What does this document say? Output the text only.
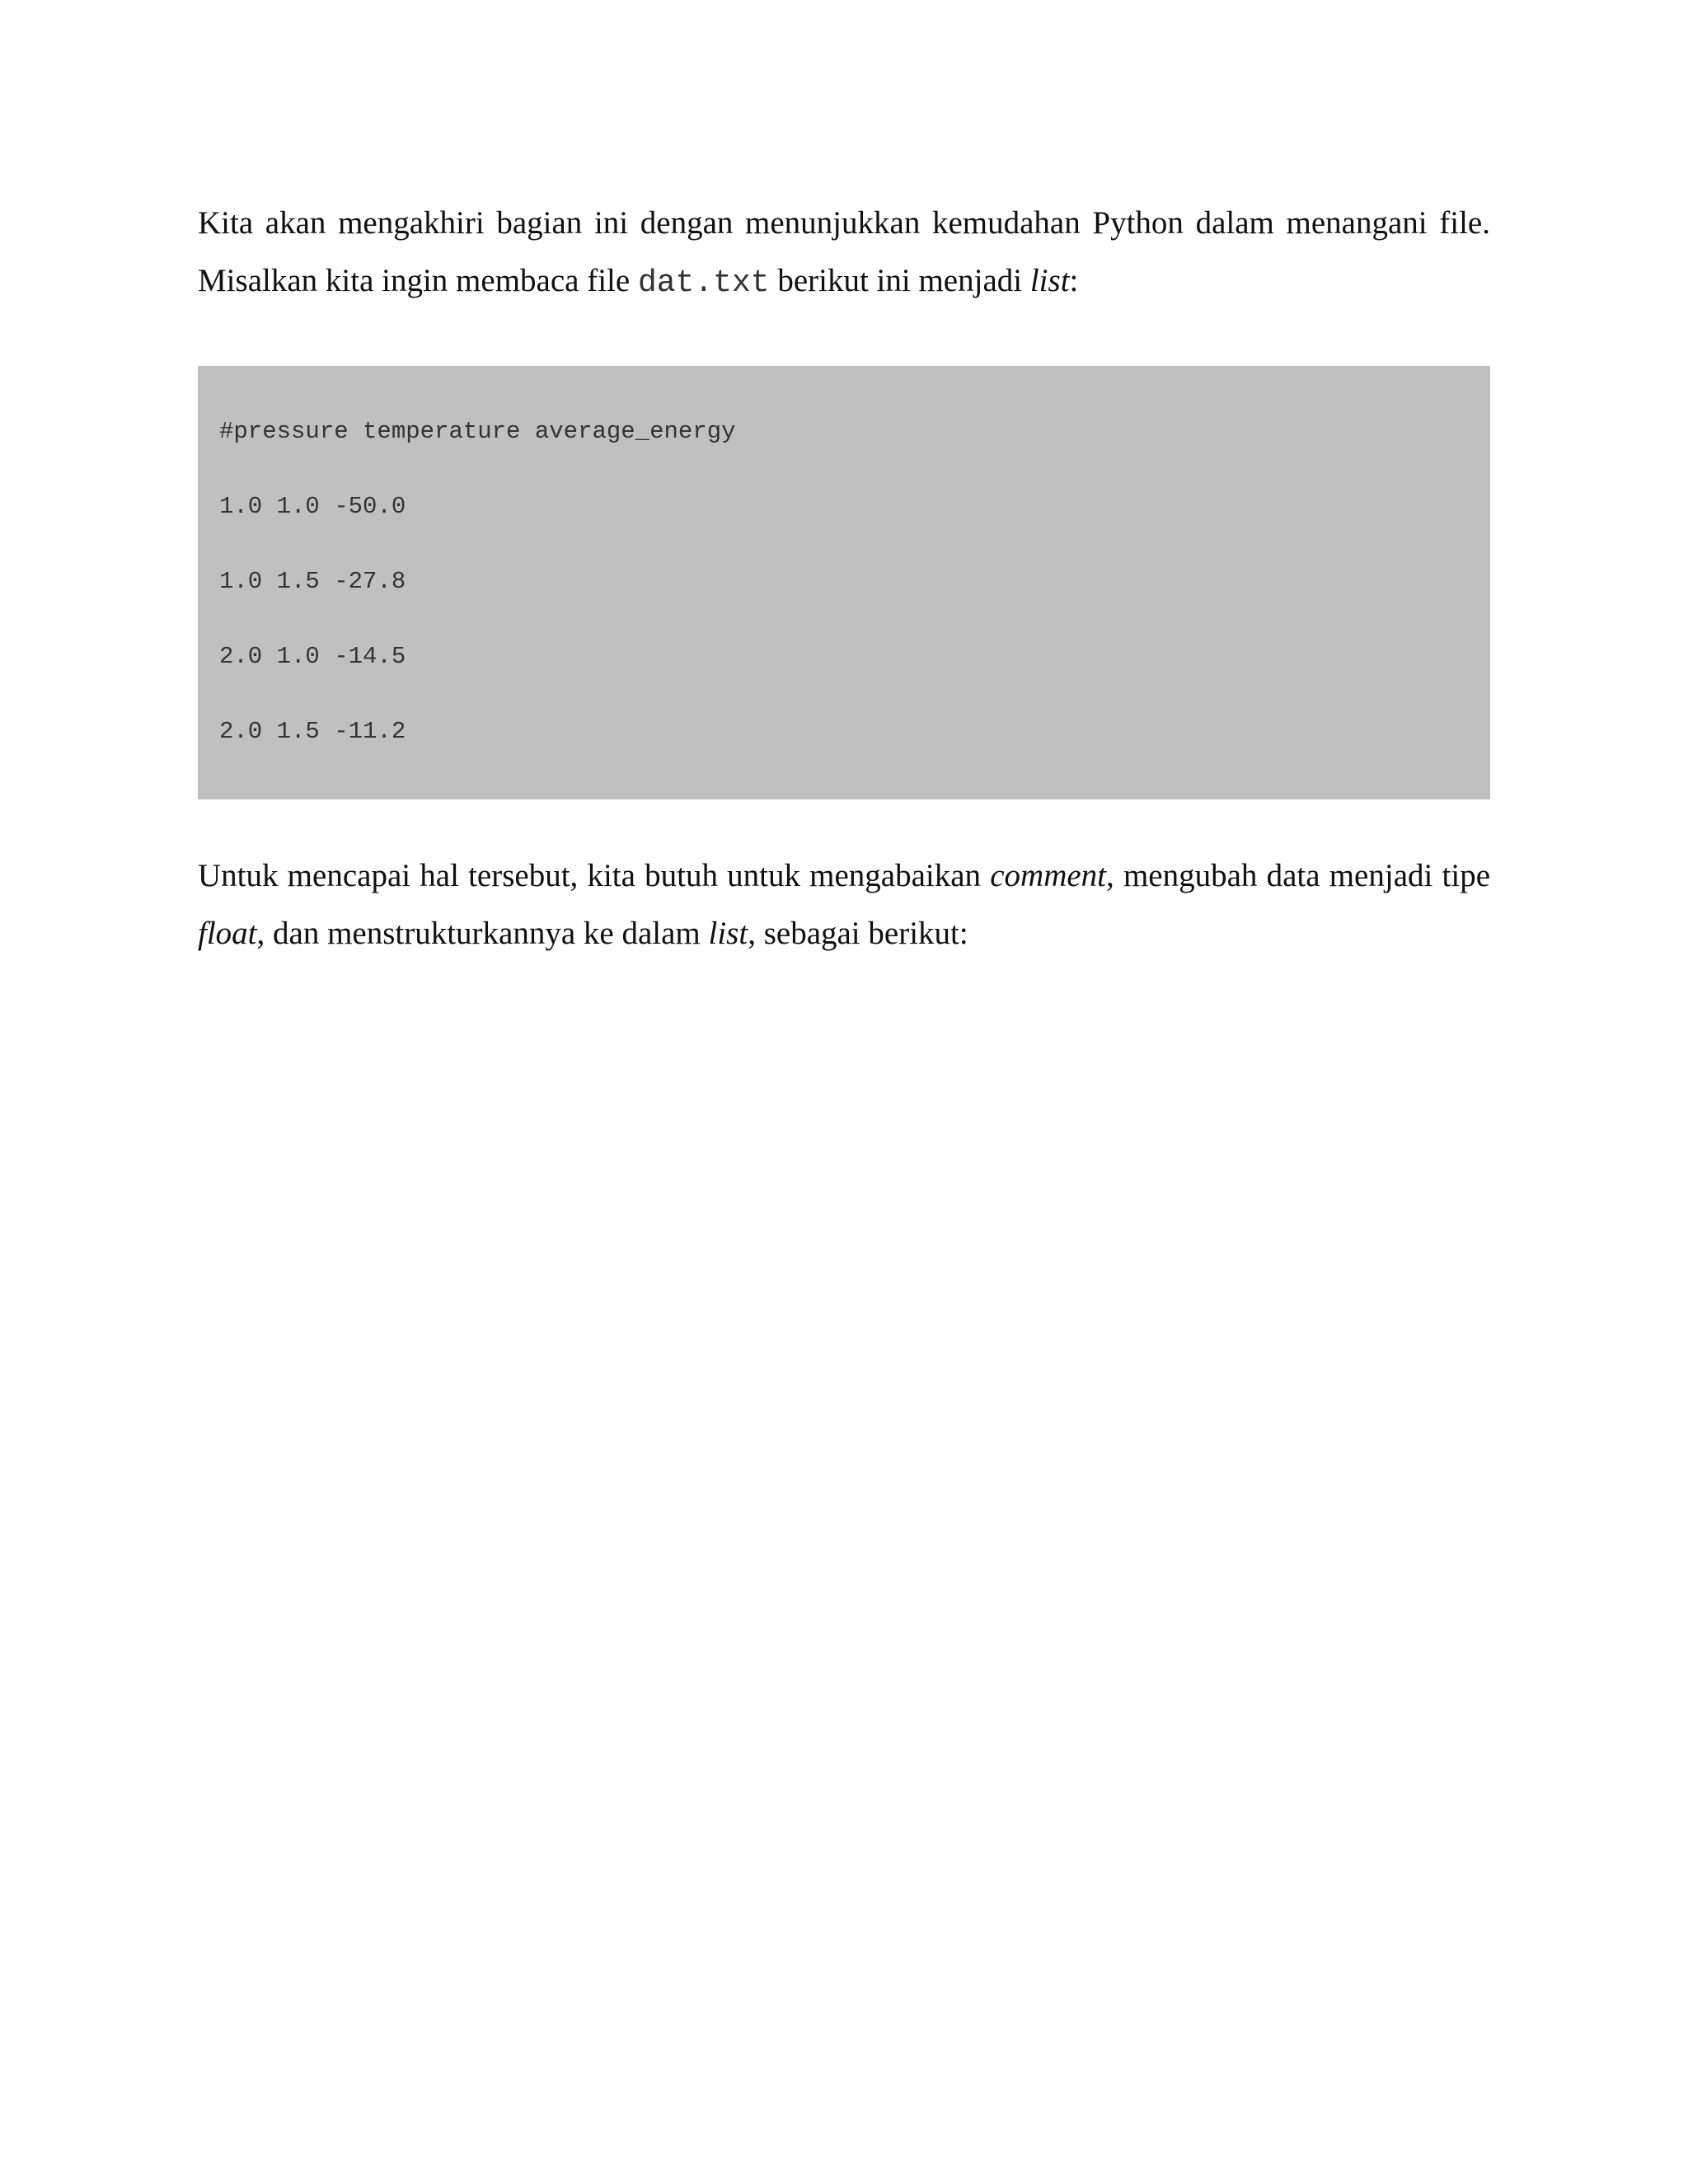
Kita akan mengakhiri bagian ini dengan menunjukkan kemudahan Python dalam menangani file. Misalkan kita ingin membaca file dat.txt berikut ini menjadi list:

#pressure temperature average_energy
1.0 1.0 -50.0
1.0 1.5 -27.8
2.0 1.0 -14.5
2.0 1.5 -11.2

Untuk mencapai hal tersebut, kita butuh untuk mengabaikan comment, mengubah data menjadi tipe float, dan menstrukturkannya ke dalam list, sebagai berikut:
